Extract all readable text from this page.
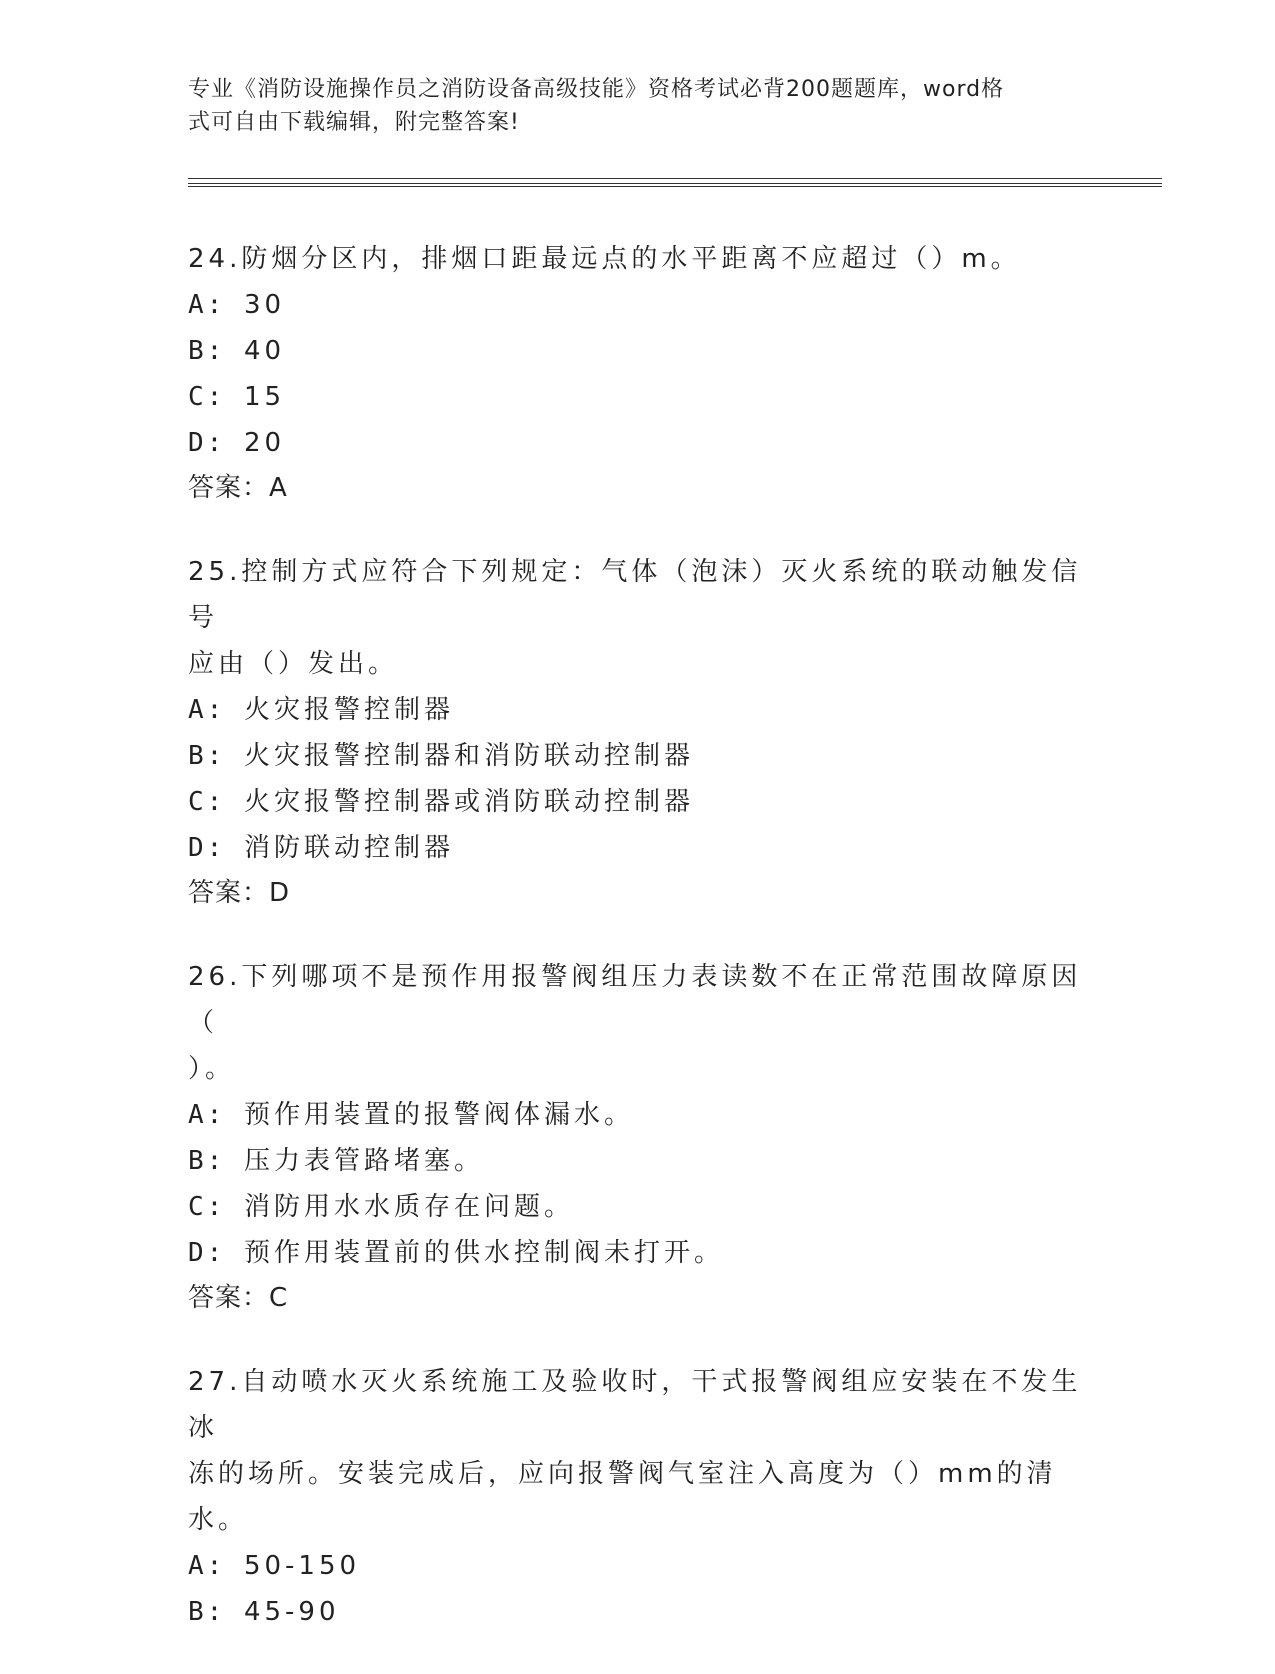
专业《消防设施操作员之消防设备高级技能》资格考试必背200题题库，word格
式可自由下载编辑，附完整答案!
24.防烟分区内，排烟口距最远点的水平距离不应超过（）m。
A: 30
B: 40
C: 15
D: 20
答案：A
25.控制方式应符合下列规定：气体（泡沫）灭火系统的联动触发信号
应由（）发出。
A: 火灾报警控制器
B: 火灾报警控制器和消防联动控制器
C: 火灾报警控制器或消防联动控制器
D: 消防联动控制器
答案：D
26.下列哪项不是预作用报警阀组压力表读数不在正常范围故障原因（
）。
A: 预作用装置的报警阀体漏水。
B: 压力表管路堵塞。
C: 消防用水水质存在问题。
D: 预作用装置前的供水控制阀未打开。
答案：C
27.自动喷水灭火系统施工及验收时，干式报警阀组应安装在不发生冰
冻的场所。安装完成后，应向报警阀气室注入高度为（）mm的清水。
A: 50-150
B: 45-90
